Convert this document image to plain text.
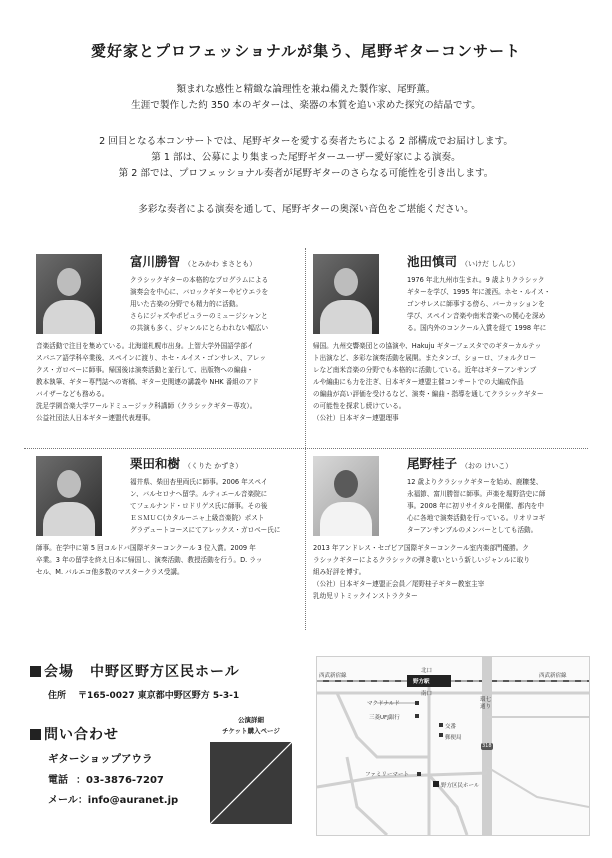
愛好家とプロフェッショナルが集う、尾野ギターコンサート

類まれな感性と精緻な論理性を兼ね備えた製作家、尾野薫。

生涯で製作した約 350 本のギターは、楽器の本質を追い求めた探究の結晶です。

2 回目となる本コンサートでは、尾野ギターを愛する奏者たちによる 2 部構成でお届けします。

第 1 部は、公募により集まった尾野ギターユーザー愛好家による演奏。

第 2 部では、プロフェッショナル奏者が尾野ギターのさらなる可能性を引き出します。

多彩な奏者による演奏を通して、尾野ギターの奥深い音色をご堪能ください。

富川勝智 （とみかわ まさとも）

クラシックギターの本格的なプログラムによる

演奏会を中心に、バロックギターやビウエラを

用いた古楽の分野でも精力的に活動。

さらにジャズやポピュラーのミュージシャンと

の共演も多く、ジャンルにとらわれない幅広い

音楽活動で注目を集めている。北海道札幌市出身。上智大学外国語学部イ

スパニア語学科卒業後、スペインに渡り、ホセ・ルイス・ゴンサレス、アレッ

クス・ガロベーに師事。帰国後は演奏活動と並行して、出版物への編曲・

教本執筆、ギター専門誌への寄稿、ギター史関連の講義や NHK 番組のアド

バイザーなども務める。

洗足学園音楽大学ワールドミュージック科講師（クラシックギター専攻）。

公益社団法人日本ギター連盟代表理事。

池田慎司 （いけだ しんじ）

1976 年北九州市生まれ。9 歳よりクラシック

ギターを学び、1995 年に渡西。ホセ・ルイス・

ゴンサレスに師事する傍ら、バーカッションを

学び、スペイン音楽や南米音楽への関心を深め

る。国内外のコンクール入賞を経て 1998 年に

帰国。九州交響楽団との協演や、Hakuju ギターフェスタでのギターカルテッ

ト出演など、多彩な演奏活動を展開。またタンゴ、ショーロ、フォルクロー

レなど南米音楽の分野でも本格的に活動している。近年はギターアンサンブ

ルや編曲にも力を注ぎ、日本ギター連盟主催コンサートでの大編成作品

の編曲が高い評価を受けるなど、演奏・編曲・指導を通してクラシックギター

の可能性を探求し続けている。

（公社）日本ギター連盟理事

栗田和樹 （くりた かずき）

福井県、柴田杏里両氏に師事。2006 年スペイ

ン、バルセロナへ留学。ルティエール音楽院に

てフェルナンド・ロドリゲス氏に師事。その後

ＥＳＭＵＣ(カタルーニャ上級音楽院）ポスト

グラデュートコースにてアレックス・ガロベー氏に

師事。在学中に第 5 回コルドバ国際ギターコンクール 3 位入賞。2009 年

卒業。3 年の留学を終え日本に帰国し、演奏活動、教授活動を行う。D. ラッ

セル、M. バルエコ他多数のマスタークラス受講。

尾野桂子 （おの けいこ）

12 歳よりクラシックギターを始め、鹿糠斐、

永福節、富川勝智に師事。声楽を堀野浩史に師

事。2008 年に初リサイタルを開催、都内を中

心に各地で演奏活動を行っている。リオリコギ

ターアンサンブルのメンバーとしても活動。

2013 年アンドレス・セゴビア国際ギターコンクール室内楽部門優勝。ク

ラシックギターによるクラシックの弾き歌いという新しいジャンルに取り

組み好評を博す。

（公社）日本ギター連盟正会員／尾野桂子ギター教室主宰

乳幼児リトミックインストラクター

会場 中野区野方区民ホール
住所 〒165-0027 東京都中野区野方 5-3-1
問い合わせ
ギターショップアウラ
電話 ：03-3876-7207
メール：info@auranet.jp
公演詳細
チケット購入ページ
西武新宿線	西武新宿線
野方駅
北口
南口
マクドナルド
三菱UFJ銀行
郵便局
交番
ファミリーマート
環七通り
野方区民ホール
318
